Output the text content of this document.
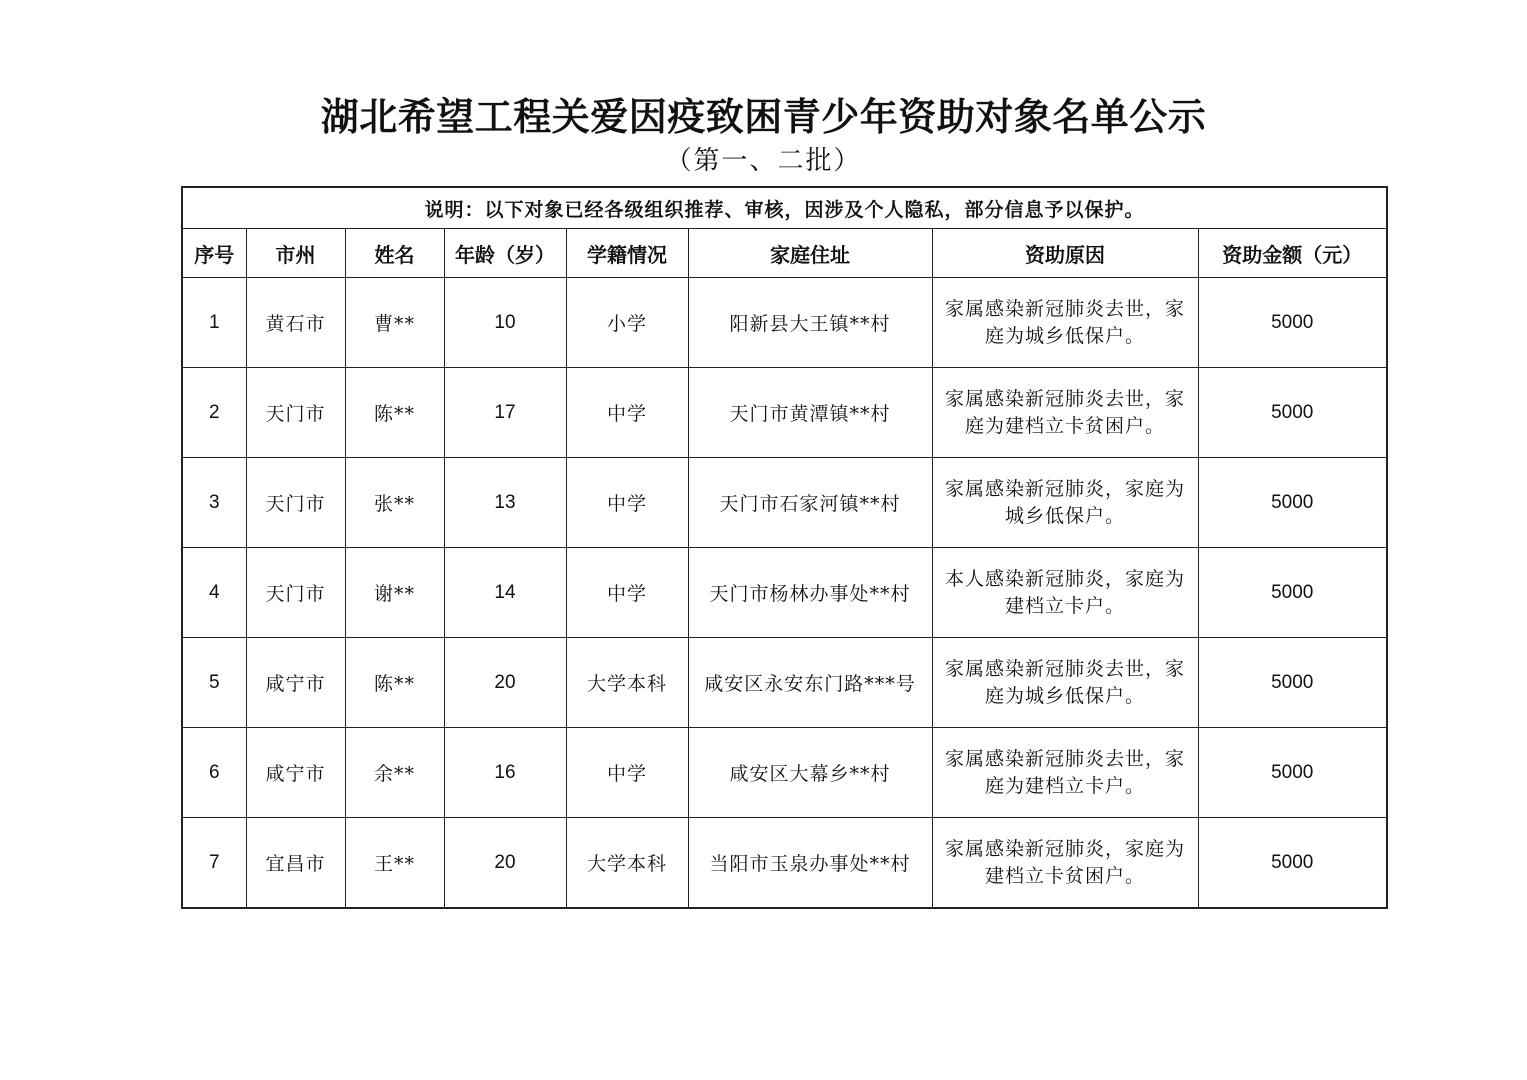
湖北希望工程关爱因疫致困青少年资助对象名单公示
（第一、二批）
说明：以下对象已经各级组织推荐、审核，因涉及个人隐私，部分信息予以保护。							
序号	市州	姓名	年龄（岁）	学籍情况	家庭住址	资助原因	资助金额（元）
1	黄石市	曹**	10	小学	阳新县大王镇**村	家属感染新冠肺炎去世，家庭为城乡低保户。	5000
2	天门市	陈**	17	中学	天门市黄潭镇**村	家属感染新冠肺炎去世，家庭为建档立卡贫困户。	5000
3	天门市	张**	13	中学	天门市石家河镇**村	家属感染新冠肺炎，家庭为城乡低保户。	5000
4	天门市	谢**	14	中学	天门市杨林办事处**村	本人感染新冠肺炎，家庭为建档立卡户。	5000
5	咸宁市	陈**	20	大学本科	咸安区永安东门路***号	家属感染新冠肺炎去世，家庭为城乡低保户。	5000
6	咸宁市	余**	16	中学	咸安区大幕乡**村	家属感染新冠肺炎去世，家庭为建档立卡户。	5000
7	宜昌市	王**	20	大学本科	当阳市玉泉办事处**村	家属感染新冠肺炎，家庭为建档立卡贫困户。	5000
